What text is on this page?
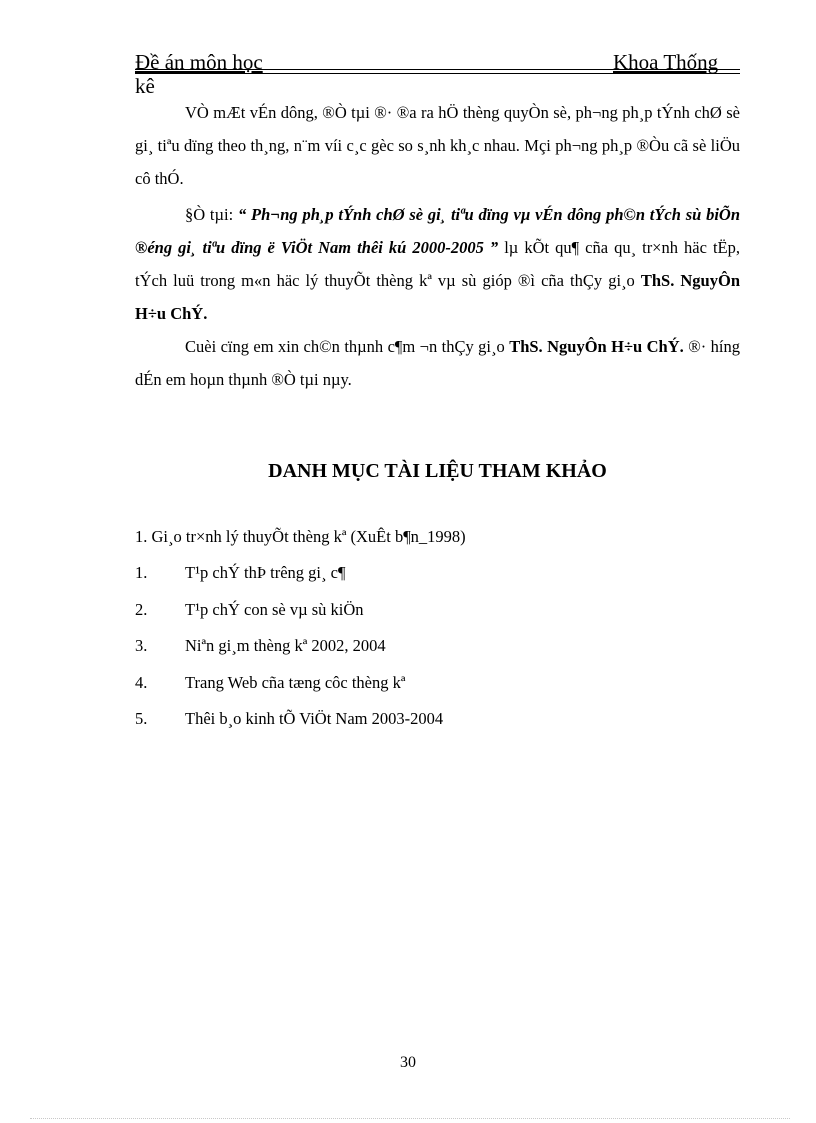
Đề án môn học	Khoa Thống
kê

VÒ mÆt vÉn dông, ®Ò tµi ®· ®a ra hÖ thèng quyÒn sè, ph¬ng ph¸p tÝnh chØ sè gi¸ tiªu dïng theo th¸ng, n¨m víi c¸c gèc so s¸nh kh¸c nhau. Mçi ph¬ng ph¸p ®Òu cã sè liÖu cô thÓ.

§Ò tµi: “ Ph¬ng ph¸p tÝnh chØ sè gi¸ tiªu dïng vµ vÉn dông ph©n tÝch sù biÕn ®éng gi¸ tiªu dïng ë ViÖt Nam thêi kú 2000-2005 ” lµ kÕt qu¶ cña qu¸ tr×nh häc tËp, tÝch luü trong m«n häc lý thuyÕt thèng kª vµ sù gióp ®ì cña thÇy gi¸o ThS. NguyÔn H÷u ChÝ.

Cuèi cïng em xin ch©n thµnh c¶m ¬n thÇy gi¸o ThS. NguyÔn H÷u ChÝ. ®· híng dÉn em hoµn thµnh ®Ò tµi nµy.

DANH MỤC TÀI LIỆU THAM KHẢO
1. Gi¸o tr×nh lý thuyÕt thèng kª (XuÊt b¶n_1998)
1. T¹p chÝ thÞ trêng gi¸ c¶
2. T¹p chÝ con sè vµ sù kiÖn
3. Niªn gi¸m thèng kª 2002, 2004
4. Trang Web cña tæng côc thèng kª
5. Thêi b¸o kinh tÕ ViÖt Nam 2003-2004
30
